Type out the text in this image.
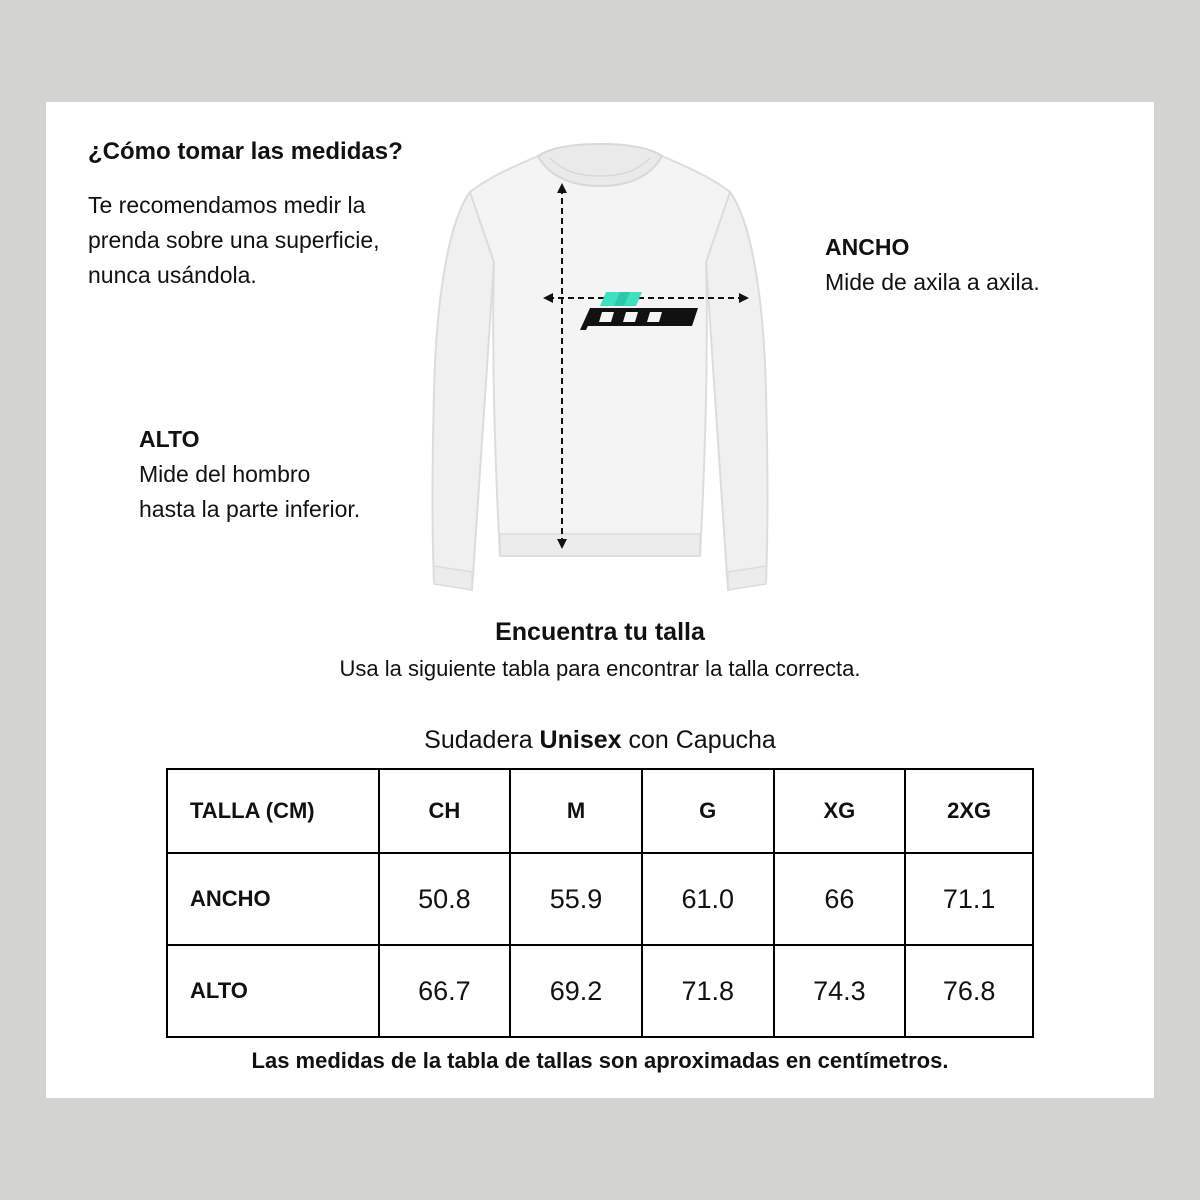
¿Cómo tomar las medidas?
Te recomendamos medir la
prenda sobre una superficie,
nunca usándola.
ANCHO
Mide de axila a axila.
ALTO
Mide del hombro
hasta la parte inferior.
Encuentra tu talla
Usa la siguiente tabla para encontrar la talla correcta.
Sudadera Unisex con Capucha
TALLA (CM)	CH	M	G	XG	2XG
ANCHO	50.8	55.9	61.0	66	71.1
ALTO	66.7	69.2	71.8	74.3	76.8
Las medidas de la tabla de tallas son aproximadas en centímetros.
